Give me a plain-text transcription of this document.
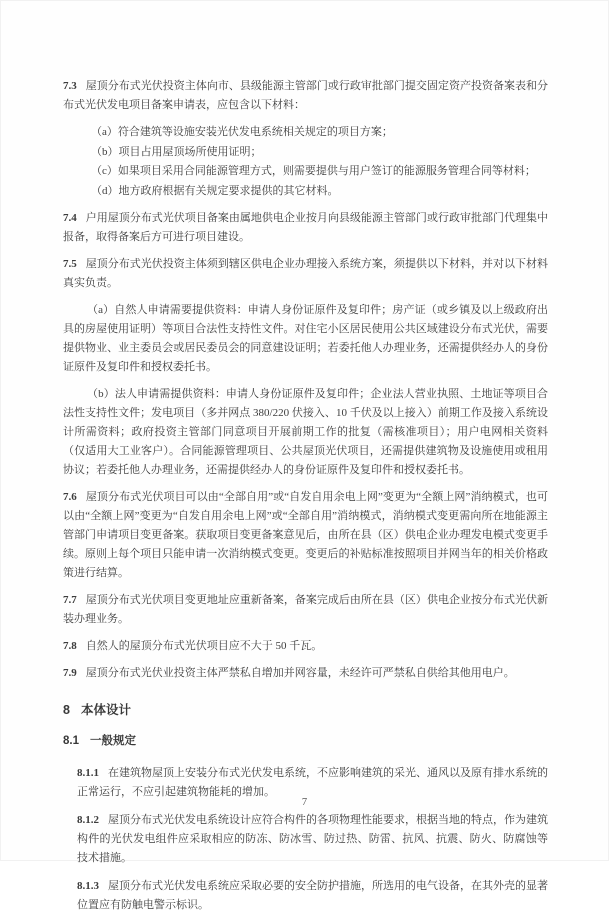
7.3 屋顶分布式光伏投资主体向市、县级能源主管部门或行政审批部门提交固定资产投资备案表和分布式光伏发电项目备案申请表，应包含以下材料：

（a）符合建筑等设施安装光伏发电系统相关规定的项目方案；
（b）项目占用屋顶场所使用证明；
（c）如果项目采用合同能源管理方式，则需要提供与用户签订的能源服务管理合同等材料；
（d）地方政府根据有关规定要求提供的其它材料。

7.4 户用屋顶分布式光伏项目备案由属地供电企业按月向县级能源主管部门或行政审批部门代理集中报备，取得备案后方可进行项目建设。

7.5 屋顶分布式光伏投资主体须到辖区供电企业办理接入系统方案，须提供以下材料，并对以下材料真实负责。

（a）自然人申请需要提供资料：申请人身份证原件及复印件；房产证（或乡镇及以上级政府出具的房屋使用证明）等项目合法性支持性文件。对住宅小区居民使用公共区域建设分布式光伏，需要提供物业、业主委员会或居民委员会的同意建设证明；若委托他人办理业务，还需提供经办人的身份证原件及复印件和授权委托书。

（b）法人申请需提供资料：申请人身份证原件及复印件；企业法人营业执照、土地证等项目合法性支持性文件；发电项目（多并网点 380/220 伏接入、10 千伏及以上接入）前期工作及接入系统设计所需资料；政府投资主管部门同意项目开展前期工作的批复（需核准项目）；用户电网相关资料（仅适用大工业客户）。合同能源管理项目、公共屋顶光伏项目，还需提供建筑物及设施使用或租用协议；若委托他人办理业务，还需提供经办人的身份证原件及复印件和授权委托书。

7.6 屋顶分布式光伏项目可以由“全部自用”或“自发自用余电上网”变更为“全额上网”消纳模式，也可以由“全额上网”变更为“自发自用余电上网”或“全部自用”消纳模式，消纳模式变更需向所在地能源主管部门申请项目变更备案。获取项目变更备案意见后，由所在县（区）供电企业办理发电模式变更手续。原则上每个项目只能申请一次消纳模式变更。变更后的补贴标准按照项目并网当年的相关价格政策进行结算。

7.7 屋顶分布式光伏项目变更地址应重新备案，备案完成后由所在县（区）供电企业按分布式光伏新装办理业务。

7.8 自然人的屋顶分布式光伏项目应不大于 50 千瓦。

7.9 屋顶分布式光伏业投资主体严禁私自增加并网容量，未经许可严禁私自供给其他用电户。

8 本体设计
8.1 一般规定

8.1.1 在建筑物屋顶上安装分布式光伏发电系统，不应影响建筑的采光、通风以及原有排水系统的正常运行，不应引起建筑物能耗的增加。

8.1.2 屋顶分布式光伏发电系统设计应符合构件的各项物理性能要求，根据当地的特点，作为建筑构件的光伏发电组件应采取相应的防冻、防冰雪、防过热、防雷、抗风、抗震、防火、防腐蚀等技术措施。

8.1.3 屋顶分布式光伏发电系统应采取必要的安全防护措施，所选用的电气设备，在其外壳的显著位置应有防触电警示标识。

7
